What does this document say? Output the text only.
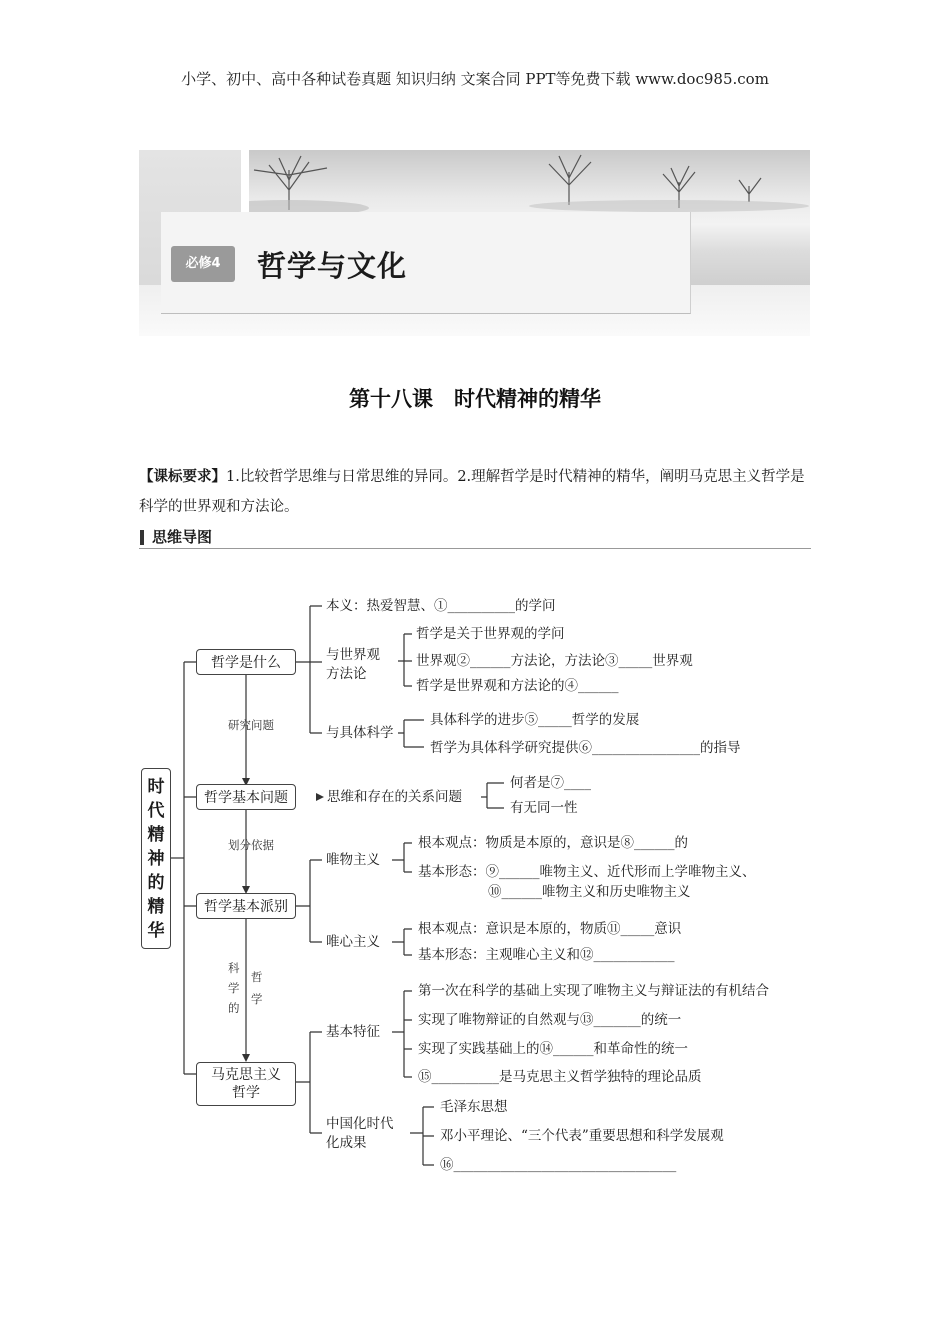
小学、初中、高中各种试卷真题 知识归纳 文案合同 PPT等免费下载 www.doc985.com
必修4	哲学与文化
第十八课　时代精神的精华
【课标要求】1.比较哲学思维与日常思维的异同。2.理解哲学是时代精神的精华，阐明马克思主义哲学是科学的世界观和方法论。
思维导图
时代精神的精华
哲学是什么
哲学基本问题
哲学基本派别
马克思主义哲学
研究 问题
划分 依据
科学的
哲学
本义：热爱智慧、①__________的学问
与世界观
方法论
哲学是关于世界观的学问
世界观②______方法论，方法论③_____世界观
哲学是世界观和方法论的④______
与具体科学
具体科学的进步⑤_____哲学的发展
哲学为具体科学研究提供⑥________________的指导
思维和存在的关系问题
何者是⑦____
有无同一性
唯物主义
根本观点：物质是本原的，意识是⑧______的
基本形态：⑨______唯物主义、近代形而上学唯物主义、
⑩______唯物主义和历史唯物主义
唯心主义
根本观点：意识是本原的，物质⑪_____意识
基本形态：主观唯心主义和⑫____________
基本特征
第一次在科学的基础上实现了唯物主义与辩证法的有机结合
实现了唯物辩证的自然观与⑬_______的统一
实现了实践基础上的⑭______和革命性的统一
⑮__________是马克思主义哲学独特的理论品质
中国化时代
化成果
毛泽东思想
邓小平理论、“三个代表”重要思想和科学发展观
⑯_________________________________
